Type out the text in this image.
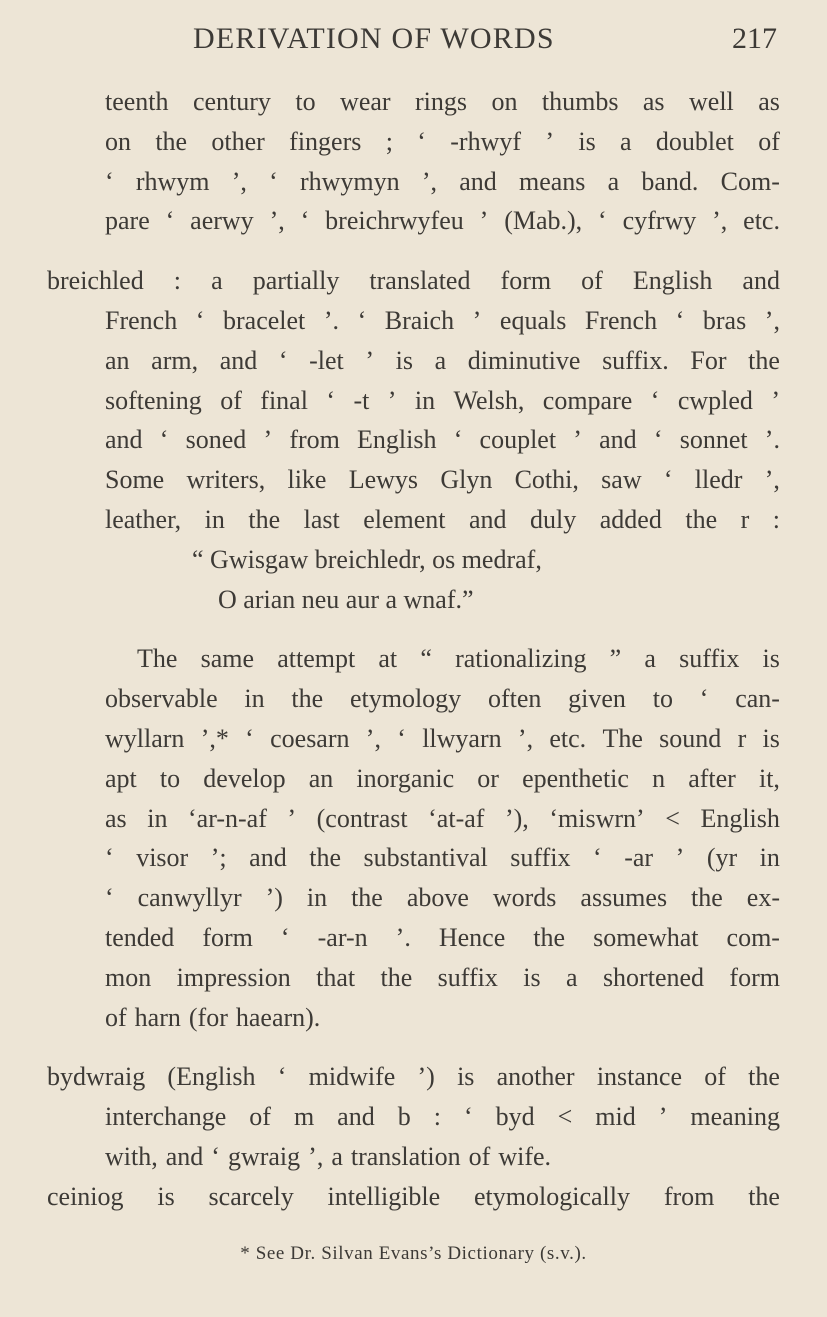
DERIVATION OF WORDS	217
teenth century to wear rings on thumbs as well as
on the other fingers ; ‘ -rhwyf ’ is a doublet of
‘ rhwym ’, ‘ rhwymyn ’, and means a band. Com-
pare ‘ aerwy ’, ‘ breichrwyfeu ’ (Mab.), ‘ cyfrwy ’, etc.
breichled : a partially translated form of English and
French ‘ bracelet ’. ‘ Braich ’ equals French ‘ bras ’,
an arm, and ‘ -let ’ is a diminutive suffix. For the
softening of final ‘ -t ’ in Welsh, compare ‘ cwpled ’
and ‘ soned ’ from English ‘ couplet ’ and ‘ sonnet ’.
Some writers, like Lewys Glyn Cothi, saw ‘ lledr ’,
leather, in the last element and duly added the r :
“ Gwisgaw breichledr, os medraf,
O arian neu aur a wnaf.”
The same attempt at “ rationalizing ” a suffix is
observable in the etymology often given to ‘ can-
wyllarn ’,* ‘ coesarn ’, ‘ llwyarn ’, etc. The sound r is
apt to develop an inorganic or epenthetic n after it,
as in ‘ar-n-af ’ (contrast ‘at-af ’), ‘miswrn’ < English
‘ visor ’; and the substantival suffix ‘ -ar ’ (yr in
‘ canwyllyr ’) in the above words assumes the ex-
tended form ‘ -ar-n ’. Hence the somewhat com-
mon impression that the suffix is a shortened form
of harn (for haearn).
bydwraig (English ‘ midwife ’) is another instance of the
interchange of m and b : ‘ byd < mid ’ meaning
with, and ‘ gwraig ’, a translation of wife.
ceiniog is scarcely intelligible etymologically from the
* See Dr. Silvan Evans’s Dictionary (s.v.).
